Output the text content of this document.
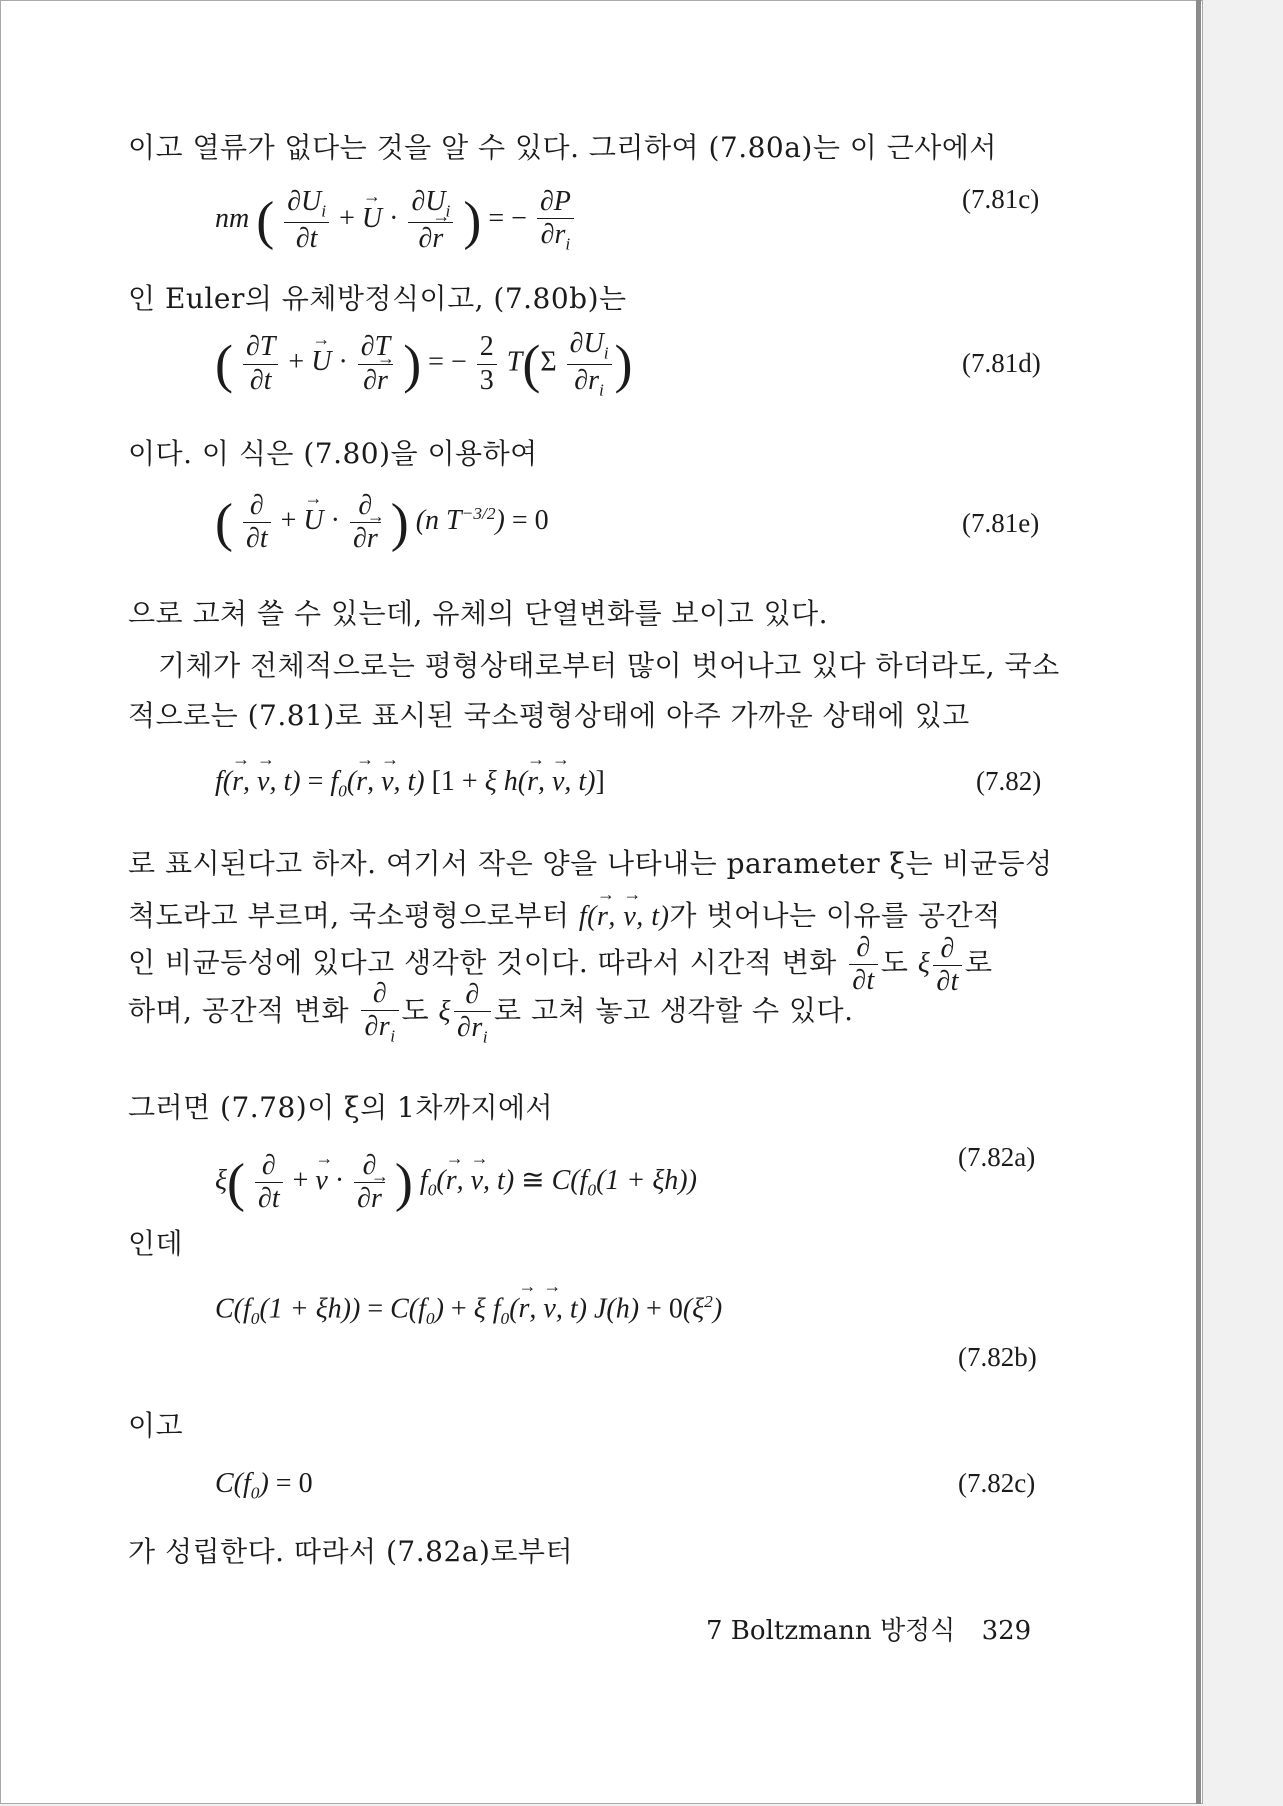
이고 열류가 없다는 것을 알 수 있다. 그리하여 (7.80a)는 이 근사에서
nm ( $\frac{\partial U_i}{\partial t} + U$ → · $\frac{\partial U_i}{\partial r}$ → ) = − $\frac{\partial P}{\partial r_i}$	(7.81c)
인 Euler의 유체방정식이고, (7.80b)는
( $\frac{\partial T}{\partial t} + U$ → · $\frac{\partial T}{\partial r}$ → ) = − $\frac{2}{3} T(\Sigma \frac{\partial U_i}{\partial r_i}$ )	(7.81d)
이다. 이 식은 (7.80)을 이용하여
( $\frac{\partial}{\partial t} + U$ → · $\frac{\partial}{\partial r}$ → ) (n $T^{-3/2}) = 0$	(7.81e)
으로 고쳐 쓸 수 있는데, 유체의 단열변화를 보이고 있다.
기체가 전체적으로는 평형상태로부터 많이 벗어나고 있다 하더라도, 국소
적으로는 (7.81)로 표시된 국소평형상태에 아주 가까운 상태에 있고
f(r →, v →, $t) = f_0(r$ →, v →, t) [1 + ξ h(r →, v →, t)]	(7.82)
로 표시된다고 하자. 여기서 작은 양을 나타내는 parameter ξ는 비균등성
척도라고 부르며, 국소평형으로부터 f(r →, v →, t)가 벗어나는 이유를 공간적
인 비균등성에 있다고 생각한 것이다. 따라서 시간적 변화 $\frac{\partial}{\partial t}$ 도 ξ $\frac{\partial}{\partial t}$ 로
하며, 공간적 변화 $\frac{\partial}{\partial r_i}$ 도 ξ $\frac{\partial}{\partial r_i}$ 로 고쳐 놓고 생각할 수 있다.
그러면 (7.78)이 ξ의 1차까지에서
$\xi( \frac{\partial}{\partial t} + v$ → · $\frac{\partial}{\partial r}$ → ) $f_0(r$ →, v →, t) ≅ $C(f_0(1 + \xi h))$
(7.82a)
인데
$C(f_0(1 + \xi h)) = C(f_0) + \xi$ $f_0(r$ →, v →, t) $J(h) + 0(\xi^2)$
(7.82b)
이고
$C(f_0) = 0$	(7.82c)
가 성립한다. 따라서 (7.82a)로부터
7 Boltzmann 방정식 329
